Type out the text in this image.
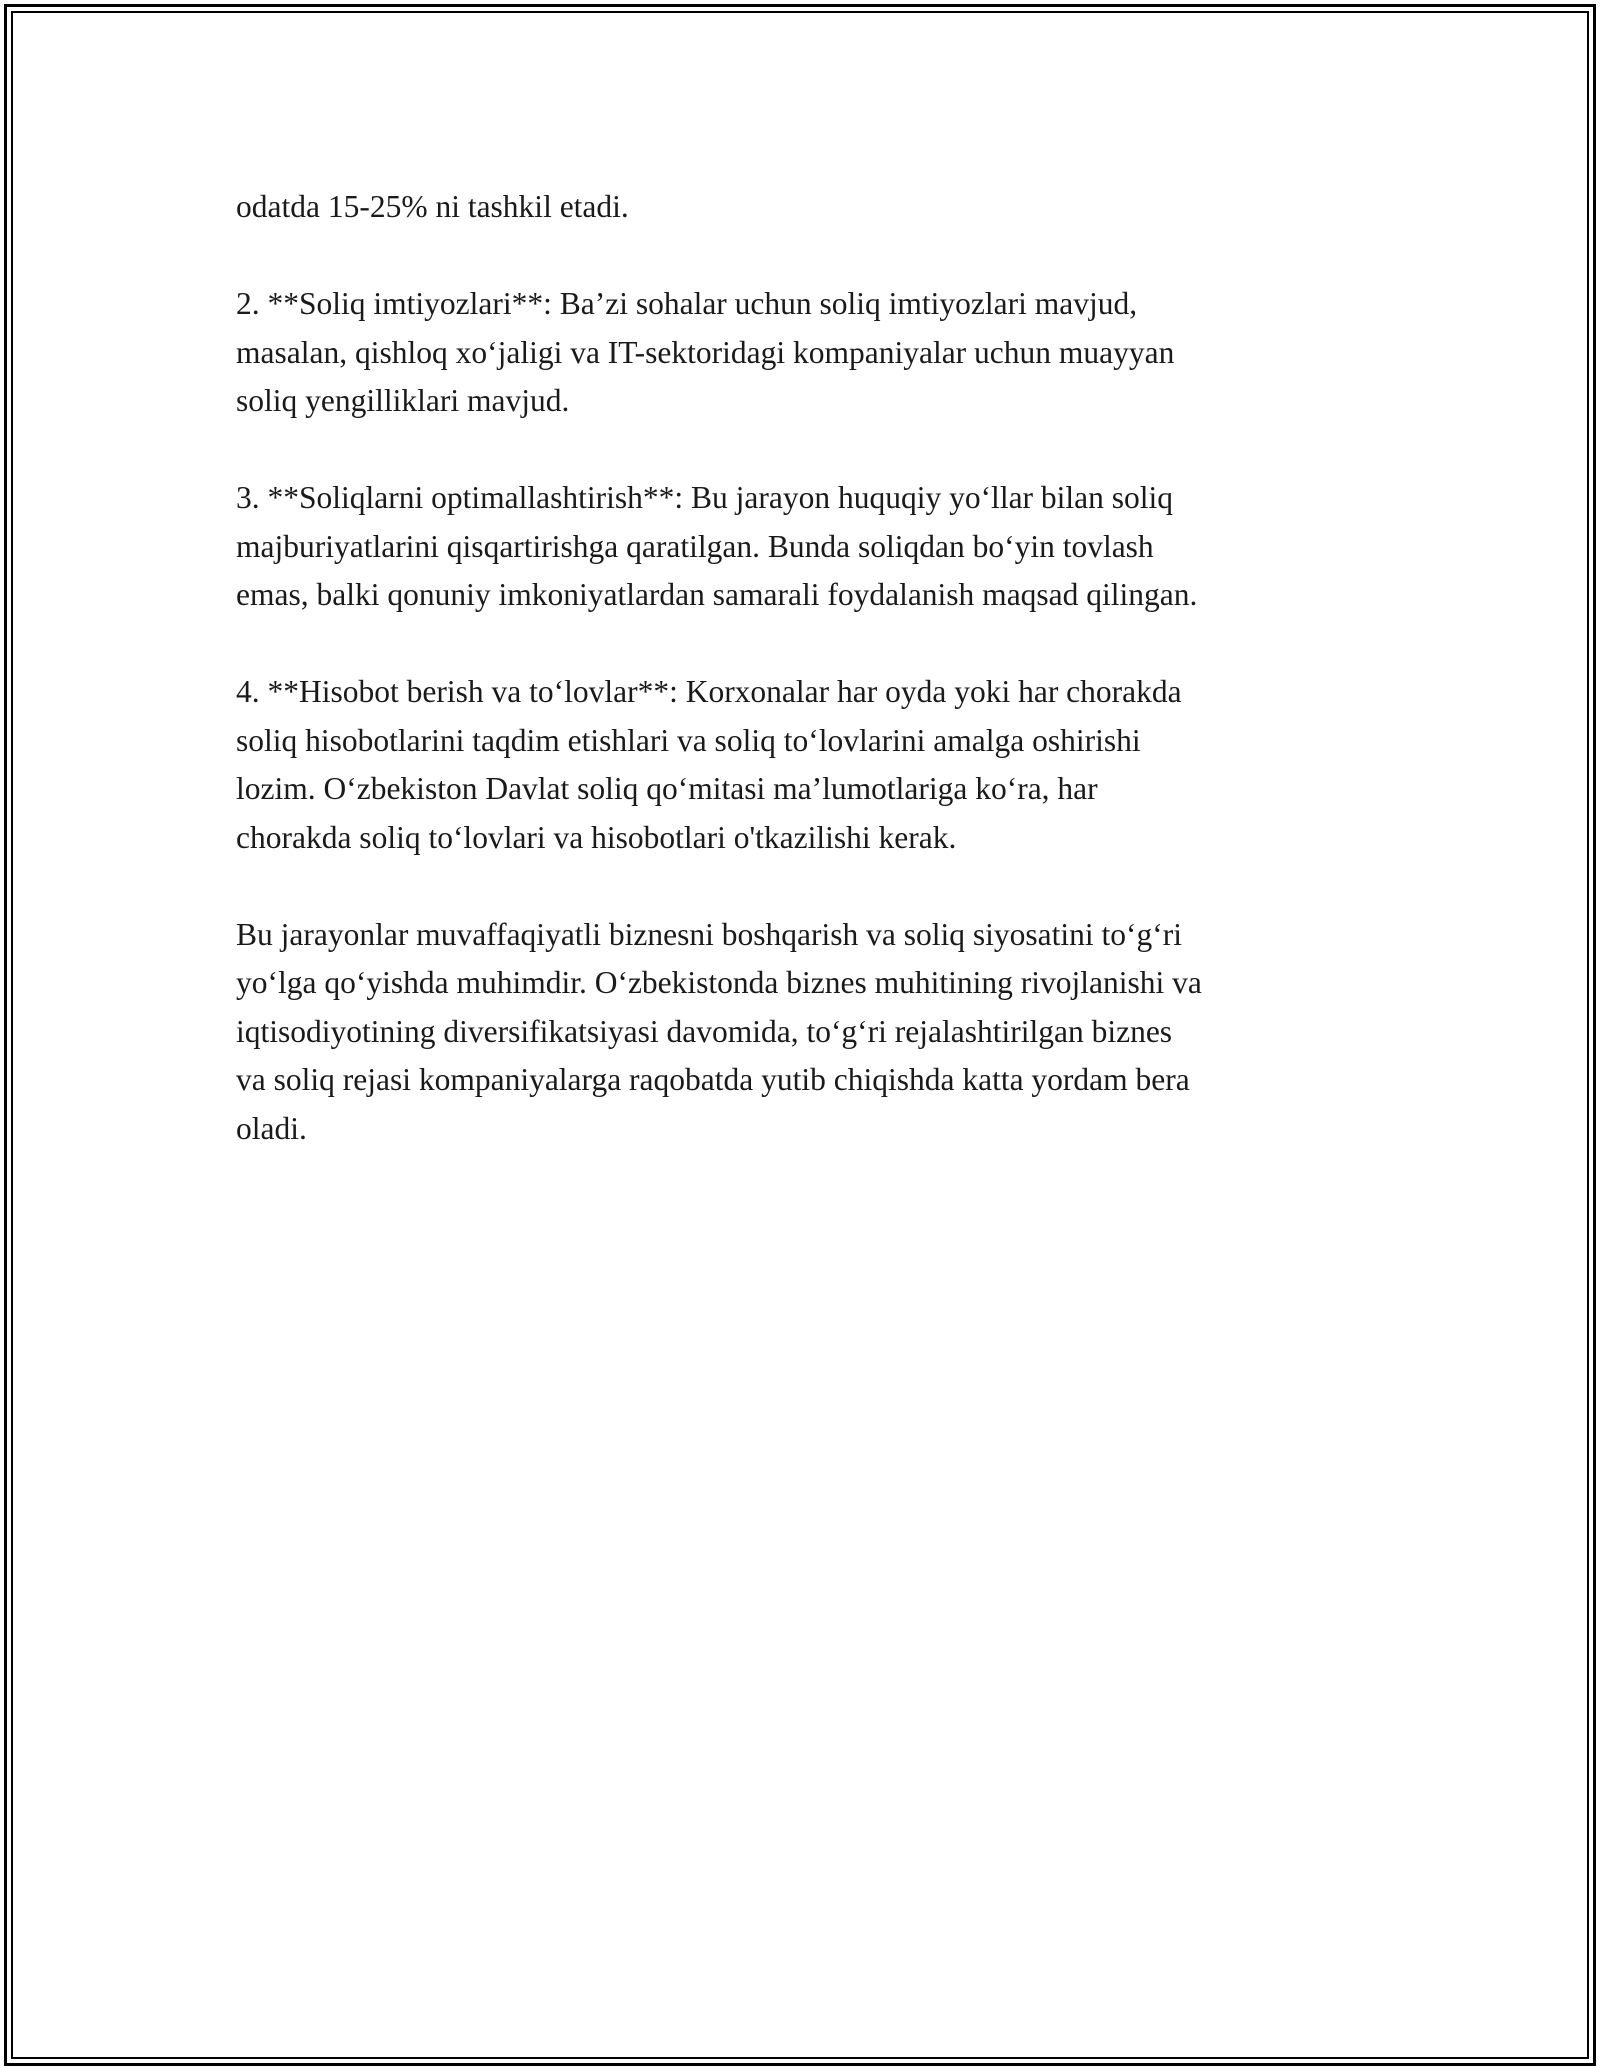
odatda 15-25% ni tashkil etadi.

2. **Soliq imtiyozlari**: Ba’zi sohalar uchun soliq imtiyozlari mavjud,
masalan, qishloq xo‘jaligi va IT-sektoridagi kompaniyalar uchun muayyan
soliq yengilliklari mavjud.

3. **Soliqlarni optimallashtirish**: Bu jarayon huquqiy yo‘llar bilan soliq
majburiyatlarini qisqartirishga qaratilgan. Bunda soliqdan bo‘yin tovlash
emas, balki qonuniy imkoniyatlardan samarali foydalanish maqsad qilingan.

4. **Hisobot berish va to‘lovlar**: Korxonalar har oyda yoki har chorakda
soliq hisobotlarini taqdim etishlari va soliq to‘lovlarini amalga oshirishi
lozim. O‘zbekiston Davlat soliq qo‘mitasi ma’lumotlariga ko‘ra, har
chorakda soliq to‘lovlari va hisobotlari o'tkazilishi kerak.

Bu jarayonlar muvaffaqiyatli biznesni boshqarish va soliq siyosatini to‘g‘ri
yo‘lga qo‘yishda muhimdir. O‘zbekistonda biznes muhitining rivojlanishi va
iqtisodiyotining diversifikatsiyasi davomida, to‘g‘ri rejalashtirilgan biznes
va soliq rejasi kompaniyalarga raqobatda yutib chiqishda katta yordam bera
oladi.
